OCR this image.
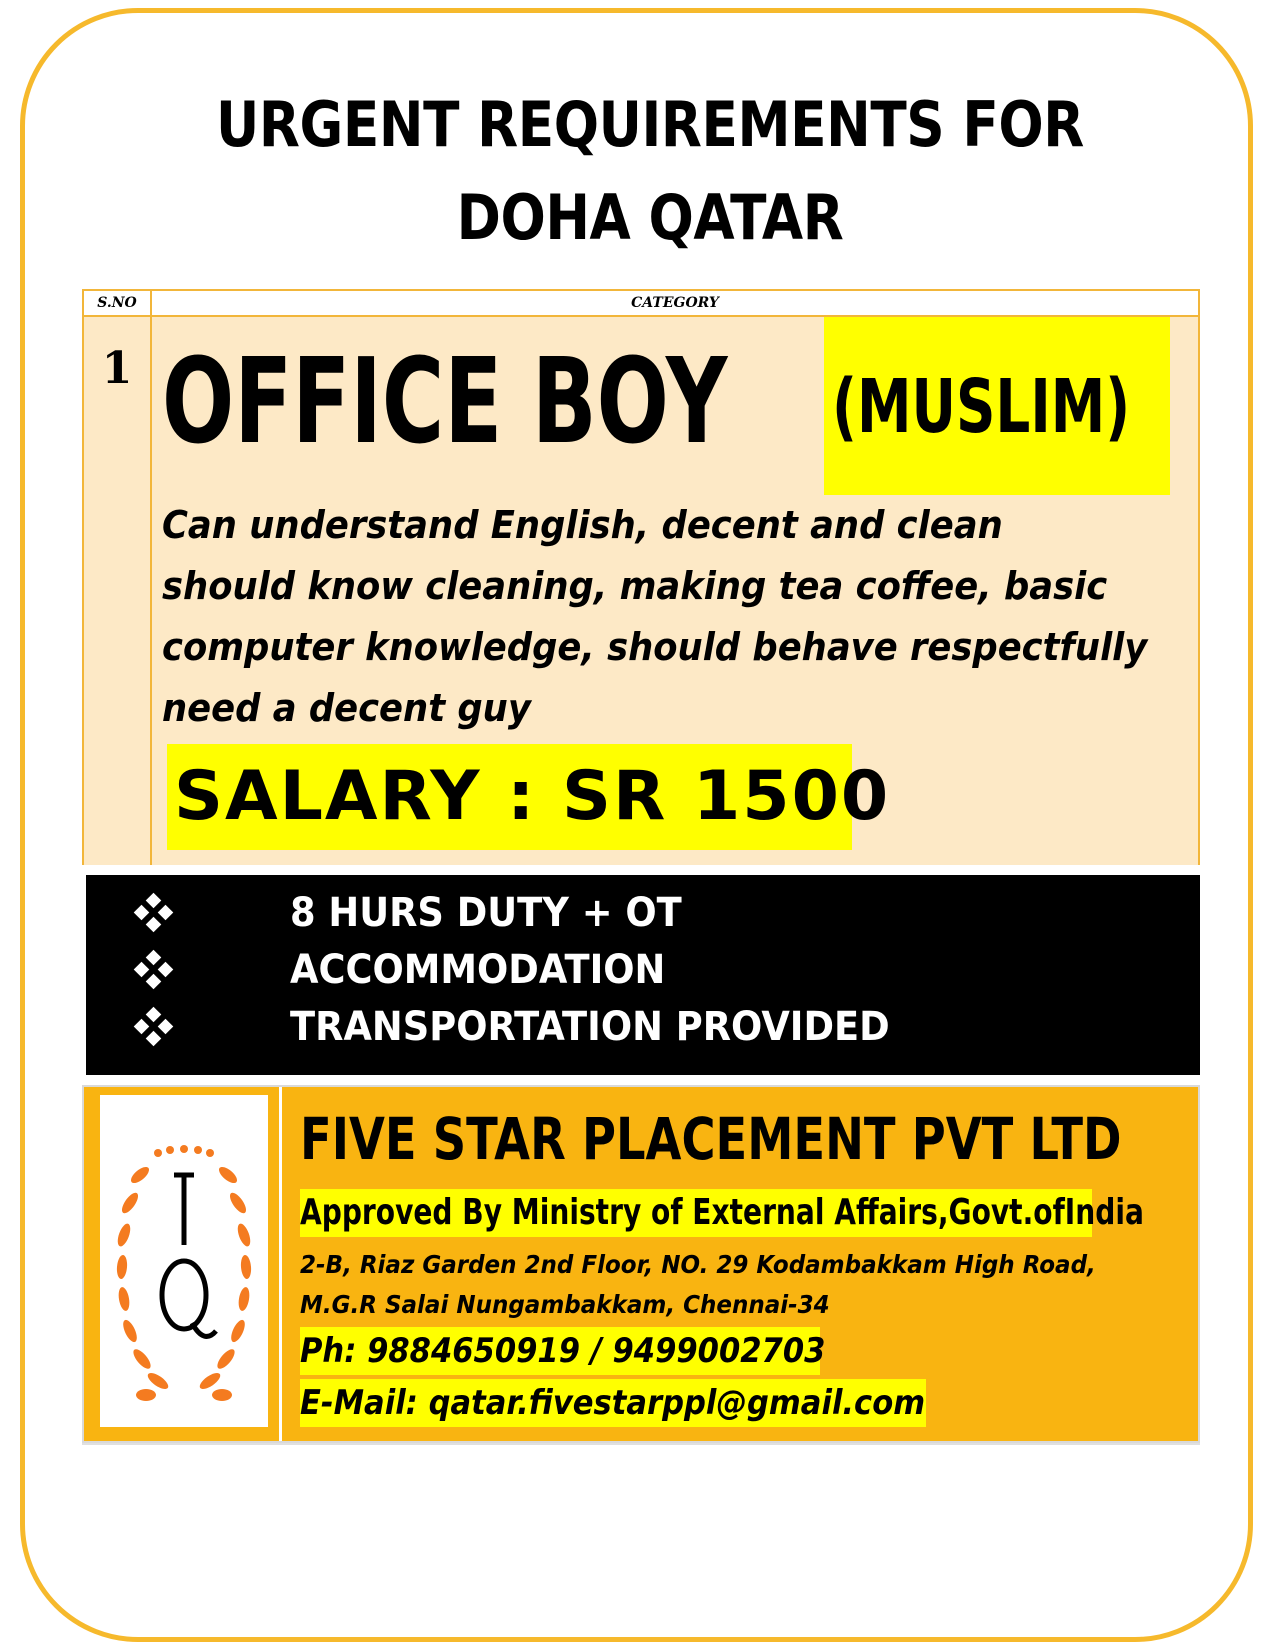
URGENT REQUIREMENTS FOR
DOHA QATAR
S.NO	CATEGORY
1 OFFICE BOY (MUSLIM)
Can understand English, decent and clean
should know cleaning, making tea coffee, basic
computer knowledge, should behave respectfully
need a decent guy
SALARY : SR 1500
8 HURS DUTY + OT
ACCOMMODATION
TRANSPORTATION PROVIDED
FIVE STAR PLACEMENT PVT LTD
Approved By Ministry of External Affairs,Govt.ofIndia
2-B, Riaz Garden 2nd Floor, NO. 29 Kodambakkam High Road,
M.G.R Salai Nungambakkam, Chennai-34
Ph: 9884650919 / 9499002703
E-Mail: qatar.fivestarppl@gmail.com
